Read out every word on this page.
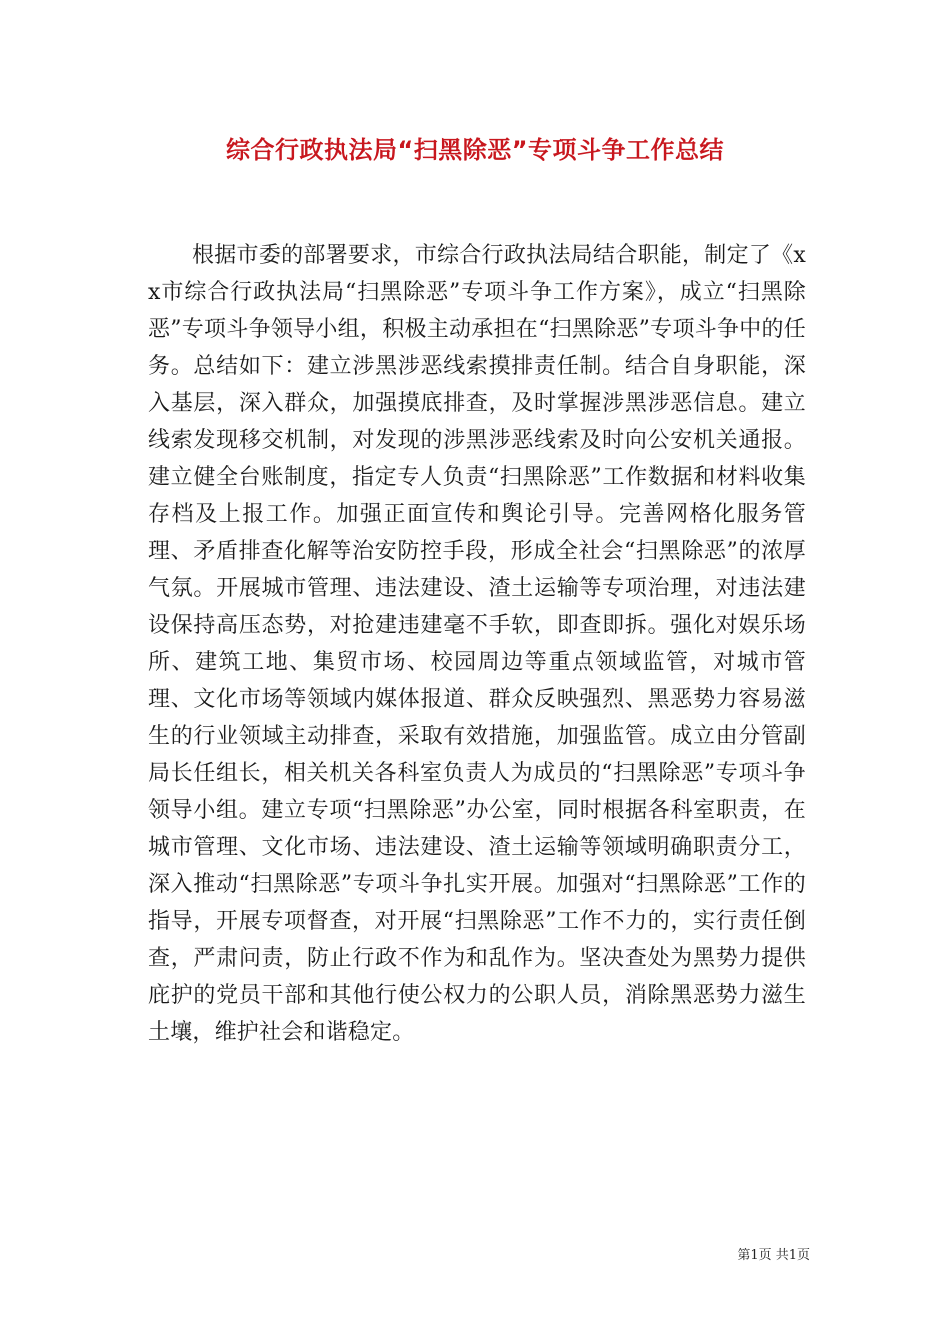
综合行政执法局“扫黑除恶”专项斗争工作总结

根据市委的部署要求，市综合行政执法局结合职能，制定了《xx市综合行政执法局“扫黑除恶”专项斗争工作方案》，成立“扫黑除恶”专项斗争领导小组，积极主动承担在“扫黑除恶”专项斗争中的任务。总结如下：建立涉黑涉恶线索摸排责任制。结合自身职能，深入基层，深入群众，加强摸底排查，及时掌握涉黑涉恶信息。建立线索发现移交机制，对发现的涉黑涉恶线索及时向公安机关通报。建立健全台账制度，指定专人负责“扫黑除恶”工作数据和材料收集存档及上报工作。加强正面宣传和舆论引导。完善网格化服务管理、矛盾排查化解等治安防控手段，形成全社会“扫黑除恶”的浓厚气氛。开展城市管理、违法建设、渣土运输等专项治理，对违法建设保持高压态势，对抢建违建毫不手软，即查即拆。强化对娱乐场所、建筑工地、集贸市场、校园周边等重点领域监管，对城市管理、文化市场等领域内媒体报道、群众反映强烈、黑恶势力容易滋生的行业领域主动排查，采取有效措施，加强监管。成立由分管副局长任组长，相关机关各科室负责人为成员的“扫黑除恶”专项斗争领导小组。建立专项“扫黑除恶”办公室，同时根据各科室职责，在城市管理、文化市场、违法建设、渣土运输等领域明确职责分工，深入推动“扫黑除恶”专项斗争扎实开展。加强对“扫黑除恶”工作的指导，开展专项督查，对开展“扫黑除恶”工作不力的，实行责任倒查，严肃问责，防止行政不作为和乱作为。坚决查处为黑势力提供庇护的党员干部和其他行使公权力的公职人员，消除黑恶势力滋生土壤，维护社会和谐稳定。

第1页 共1页
